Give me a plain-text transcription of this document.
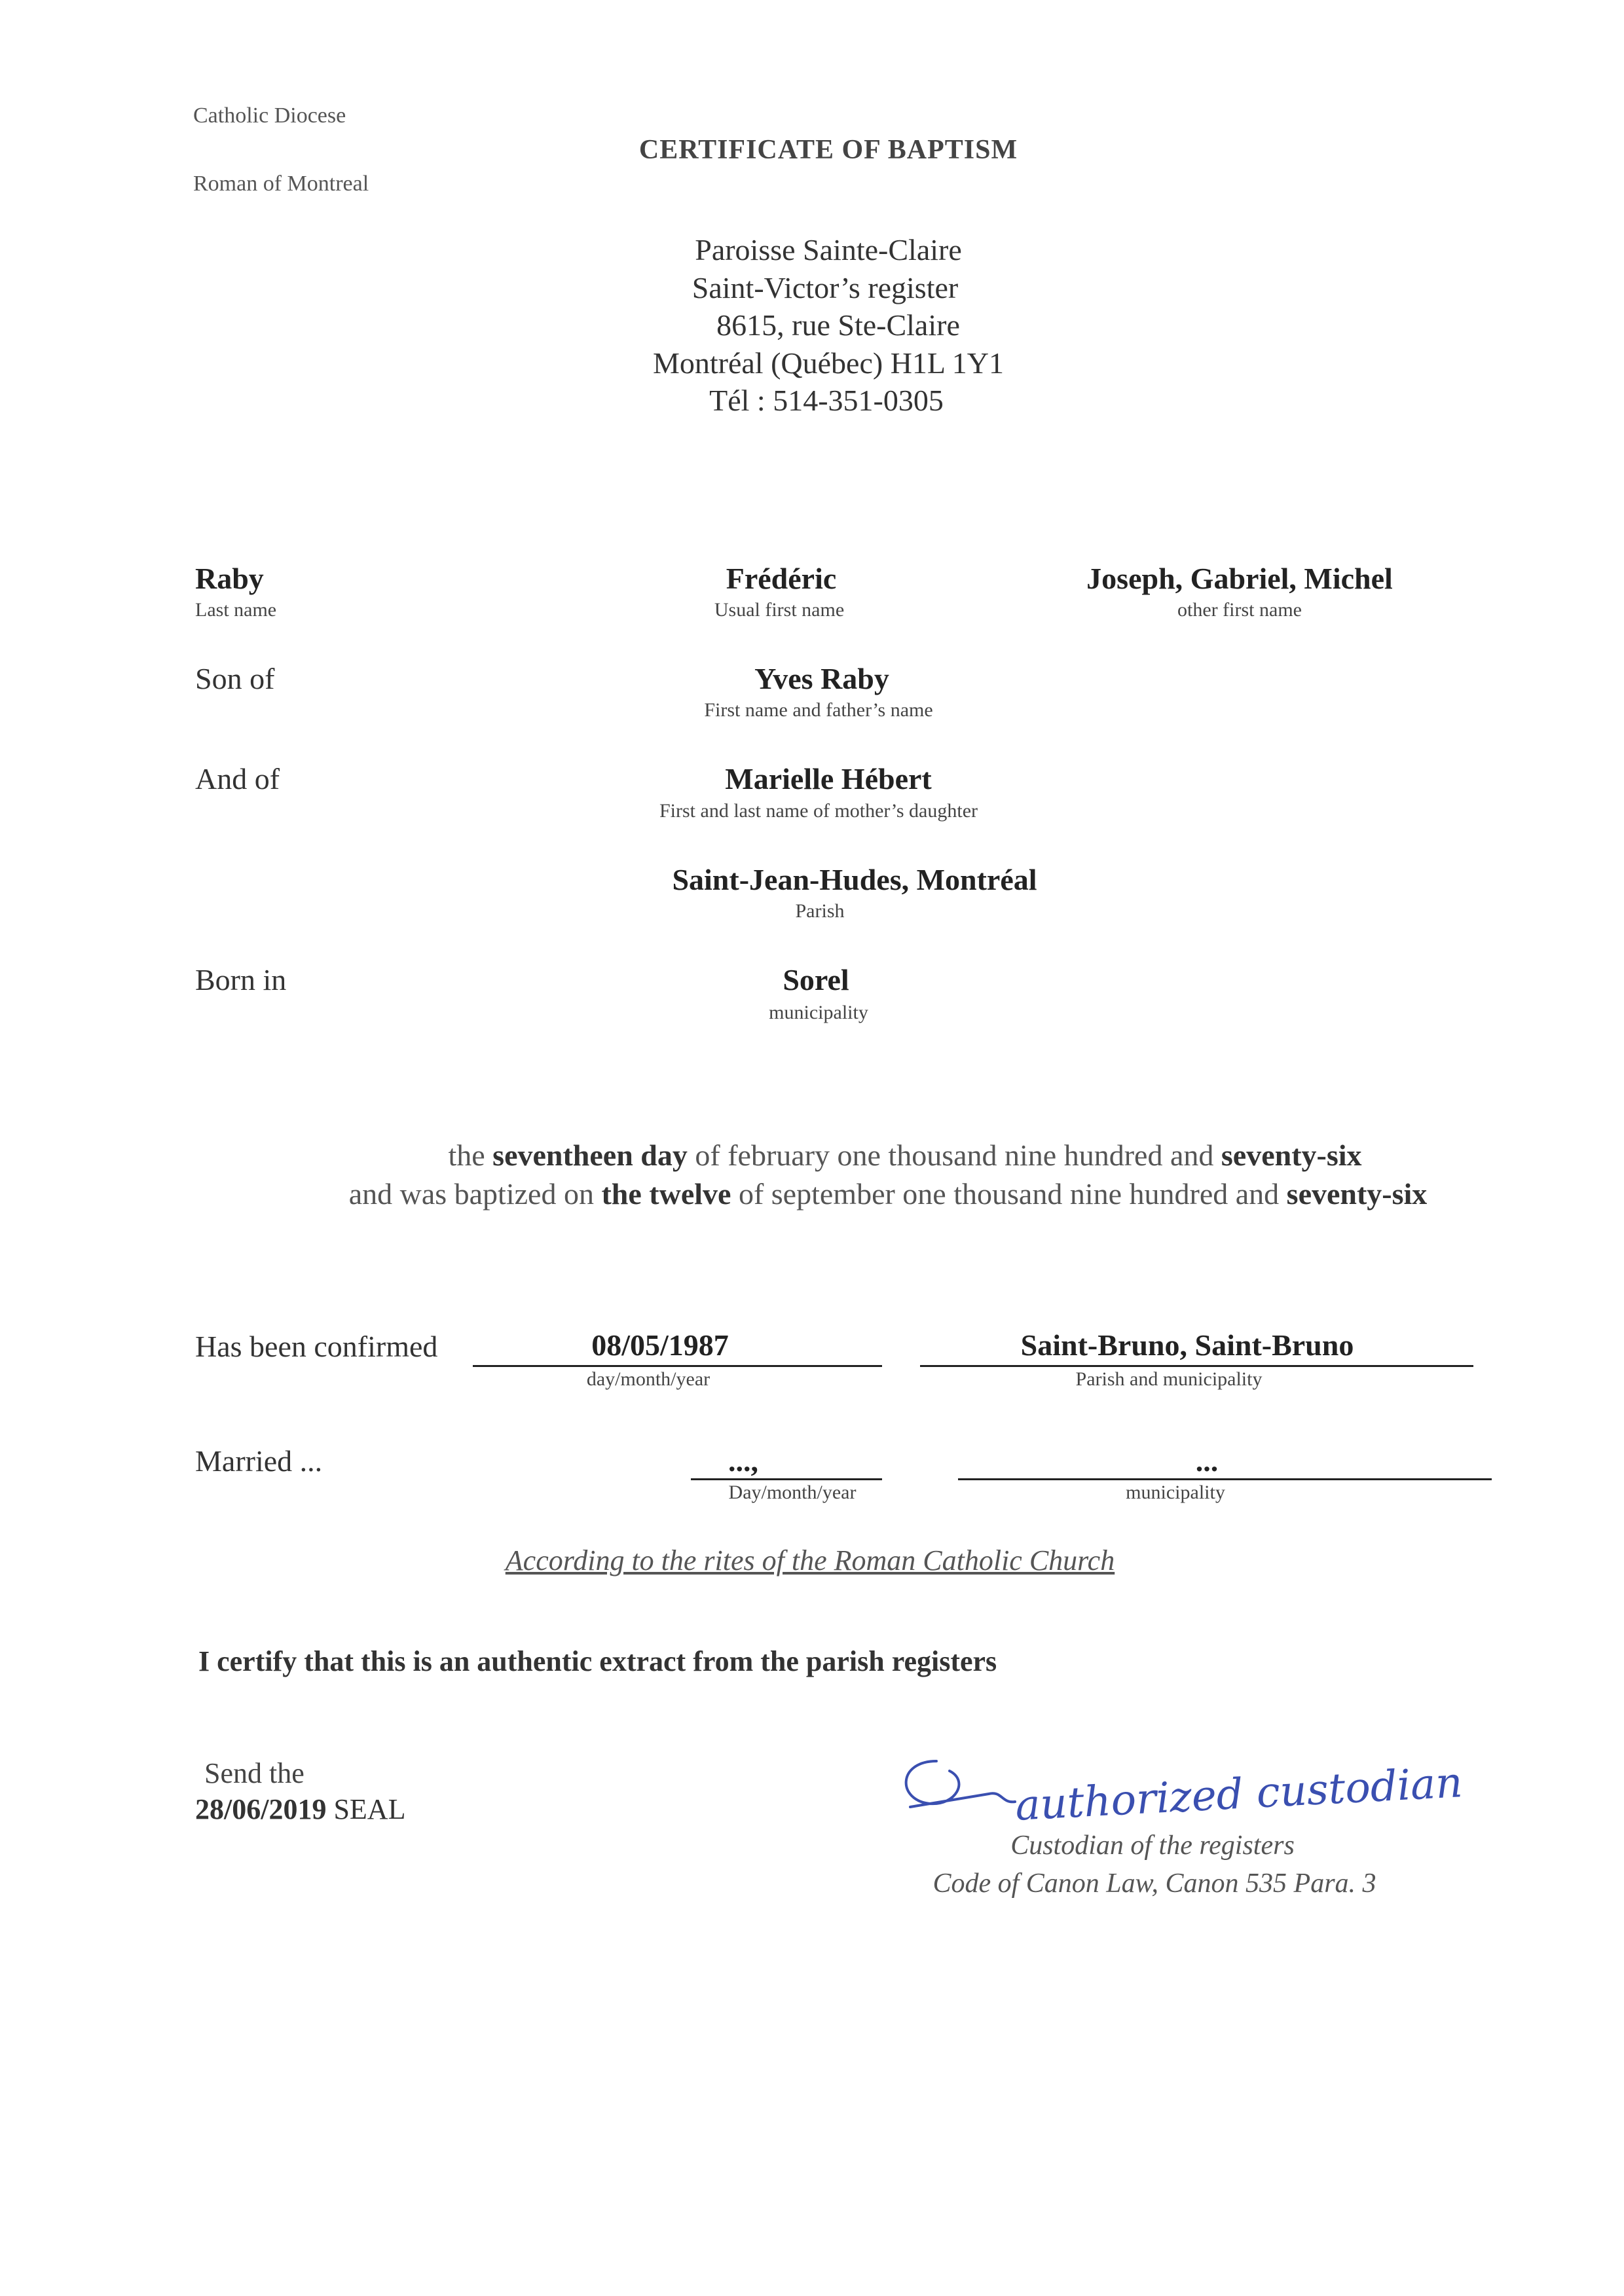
Catholic Diocese
Roman of Montreal
CERTIFICATE OF BAPTISM
Paroisse Sainte-Claire
Saint-Victor’s register
8615, rue Ste-Claire
Montréal (Québec) H1L 1Y1
Tél : 514-351-0305
Raby
Last name
Frédéric
Usual first name
Joseph, Gabriel, Michel
other first name
Son of	Yves Raby
First name and father’s name
And of	Marielle Hébert
First and last name of mother’s daughter
Saint-Jean-Hudes, Montréal
Parish
Born in	Sorel
municipality
the seventheen day of february one thousand nine hundred and seventy-six
and was baptized on the twelve of september one thousand nine hundred and seventy-six
Has been confirmed	08/05/1987
day/month/year
Saint-Bruno, Saint-Bruno
Parish and municipality
Married ...	...,
Day/month/year
...
municipality
According to the rites of the Roman Catholic Church
I certify that this is an authentic extract from the parish registers
Send the
28/06/2019 SEAL	authorized custodian
Custodian of the registers
Code of Canon Law, Canon 535 Para. 3
